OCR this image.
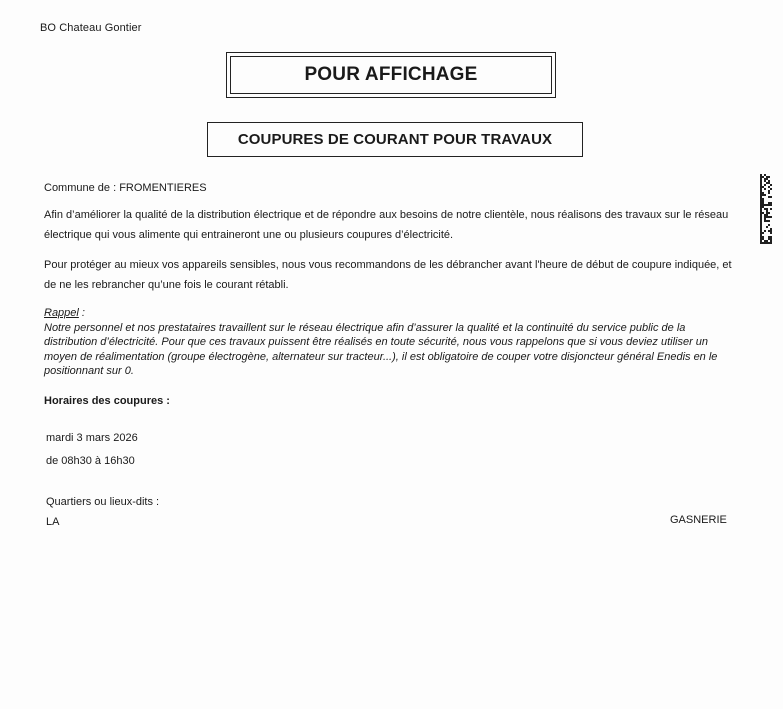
BO Chateau Gontier
POUR AFFICHAGE
COUPURES DE COURANT POUR TRAVAUX
Commune de : FROMENTIERES
Afin d’améliorer la qualité de la distribution électrique et de répondre aux besoins de notre clientèle, nous réalisons des travaux sur le réseau électrique qui vous alimente qui entraineront une ou plusieurs coupures d’électricité.
Pour protéger au mieux vos appareils sensibles, nous vous recommandons de les débrancher avant l'heure de début de coupure indiquée, et de ne les rebrancher qu’une fois le courant rétabli.
Rappel :
Notre personnel et nos prestataires travaillent sur le réseau électrique afin d’assurer la qualité et la continuité du service public de la distribution d’électricité. Pour que ces travaux puissent être réalisés en toute sécurité, nous vous rappelons que si vous deviez utiliser un moyen de réalimentation (groupe électrogène, alternateur sur tracteur...), il est obligatoire de couper votre disjoncteur général Enedis en le positionnant sur 0.
Horaires des coupures :
mardi 3 mars 2026
de 08h30 à 16h30
Quartiers ou lieux-dits :
LA	GASNERIE
